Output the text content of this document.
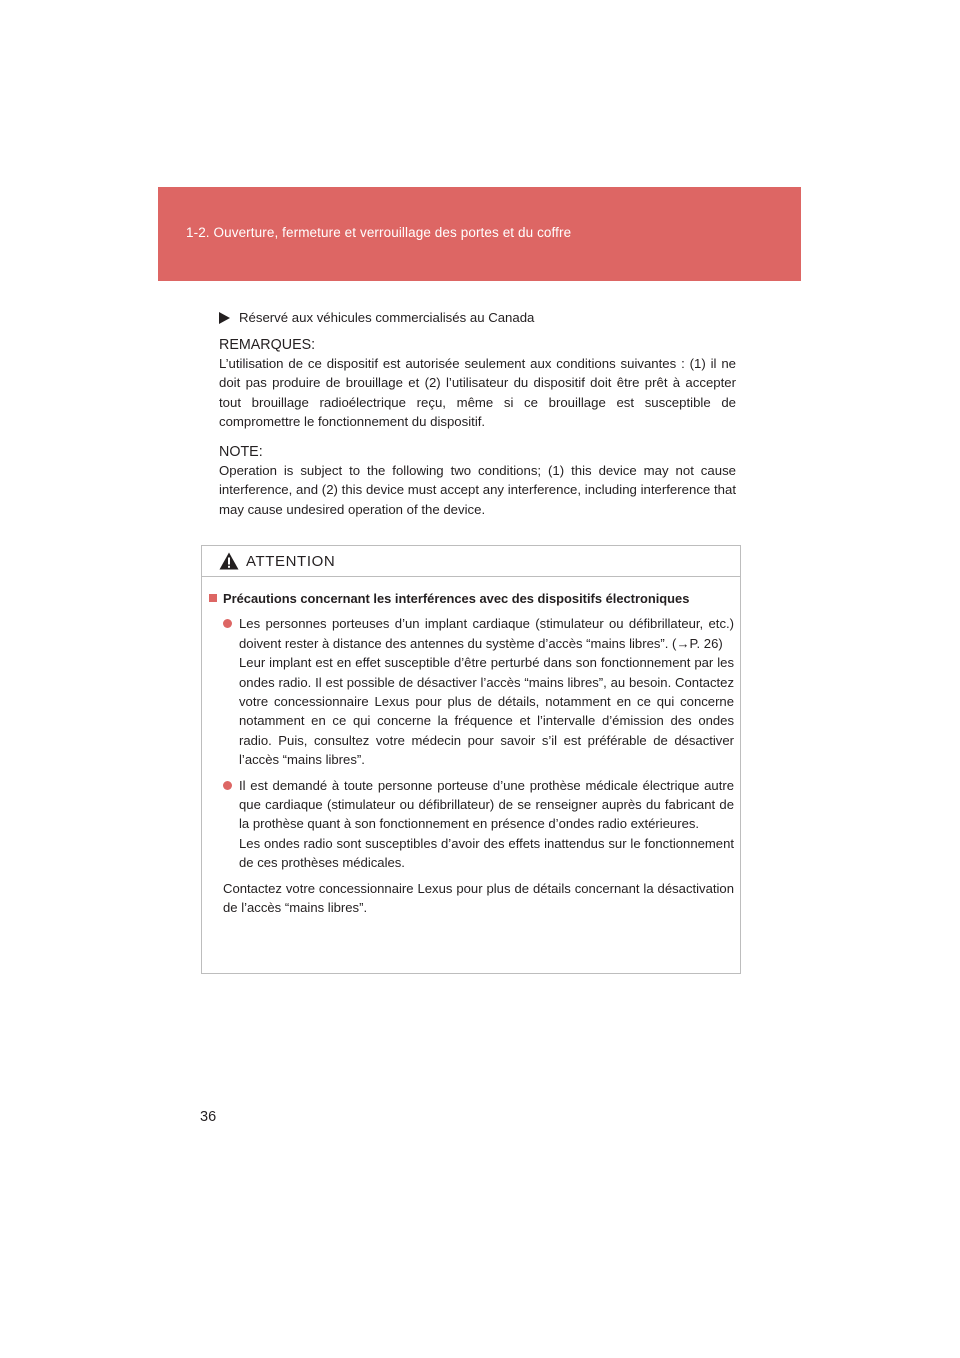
1-2. Ouverture, fermeture et verrouillage des portes et du coffre
Réservé aux véhicules commercialisés au Canada
REMARQUES:

L’utilisation de ce dispositif est autorisée seulement aux conditions suivantes : (1) il ne doit pas produire de brouillage et (2) l’utilisateur du dispositif doit être prêt à accepter tout brouillage radioélectrique reçu, même si ce brouillage est susceptible de compromettre le fonctionnement du dispositif.

NOTE:

Operation is subject to the following two conditions; (1) this device may not cause interference, and (2) this device must accept any interference, including interference that may cause undesired operation of the device.

ATTENTION
Précautions concernant les interférences avec des dispositifs électroniques

Les personnes porteuses d’un implant cardiaque (stimulateur ou défibrillateur, etc.) doivent rester à distance des antennes du système d’accès “mains libres”. (→P. 26)

Leur implant est en effet susceptible d’être perturbé dans son fonctionnement par les ondes radio. Il est possible de désactiver l’accès “mains libres”, au besoin. Contactez votre concessionnaire Lexus pour plus de détails, notamment en ce qui concerne notamment en ce qui concerne la fréquence et l’intervalle d’émission des ondes radio. Puis, consultez votre médecin pour savoir s’il est préférable de désactiver l’accès “mains libres”.

Il est demandé à toute personne porteuse d’une prothèse médicale électrique autre que cardiaque (stimulateur ou défibrillateur) de se renseigner auprès du fabricant de la prothèse quant à son fonctionnement en présence d’ondes radio extérieures.

Les ondes radio sont susceptibles d’avoir des effets inattendus sur le fonctionnement de ces prothèses médicales.

Contactez votre concessionnaire Lexus pour plus de détails concernant la désactivation de l’accès “mains libres”.

36
